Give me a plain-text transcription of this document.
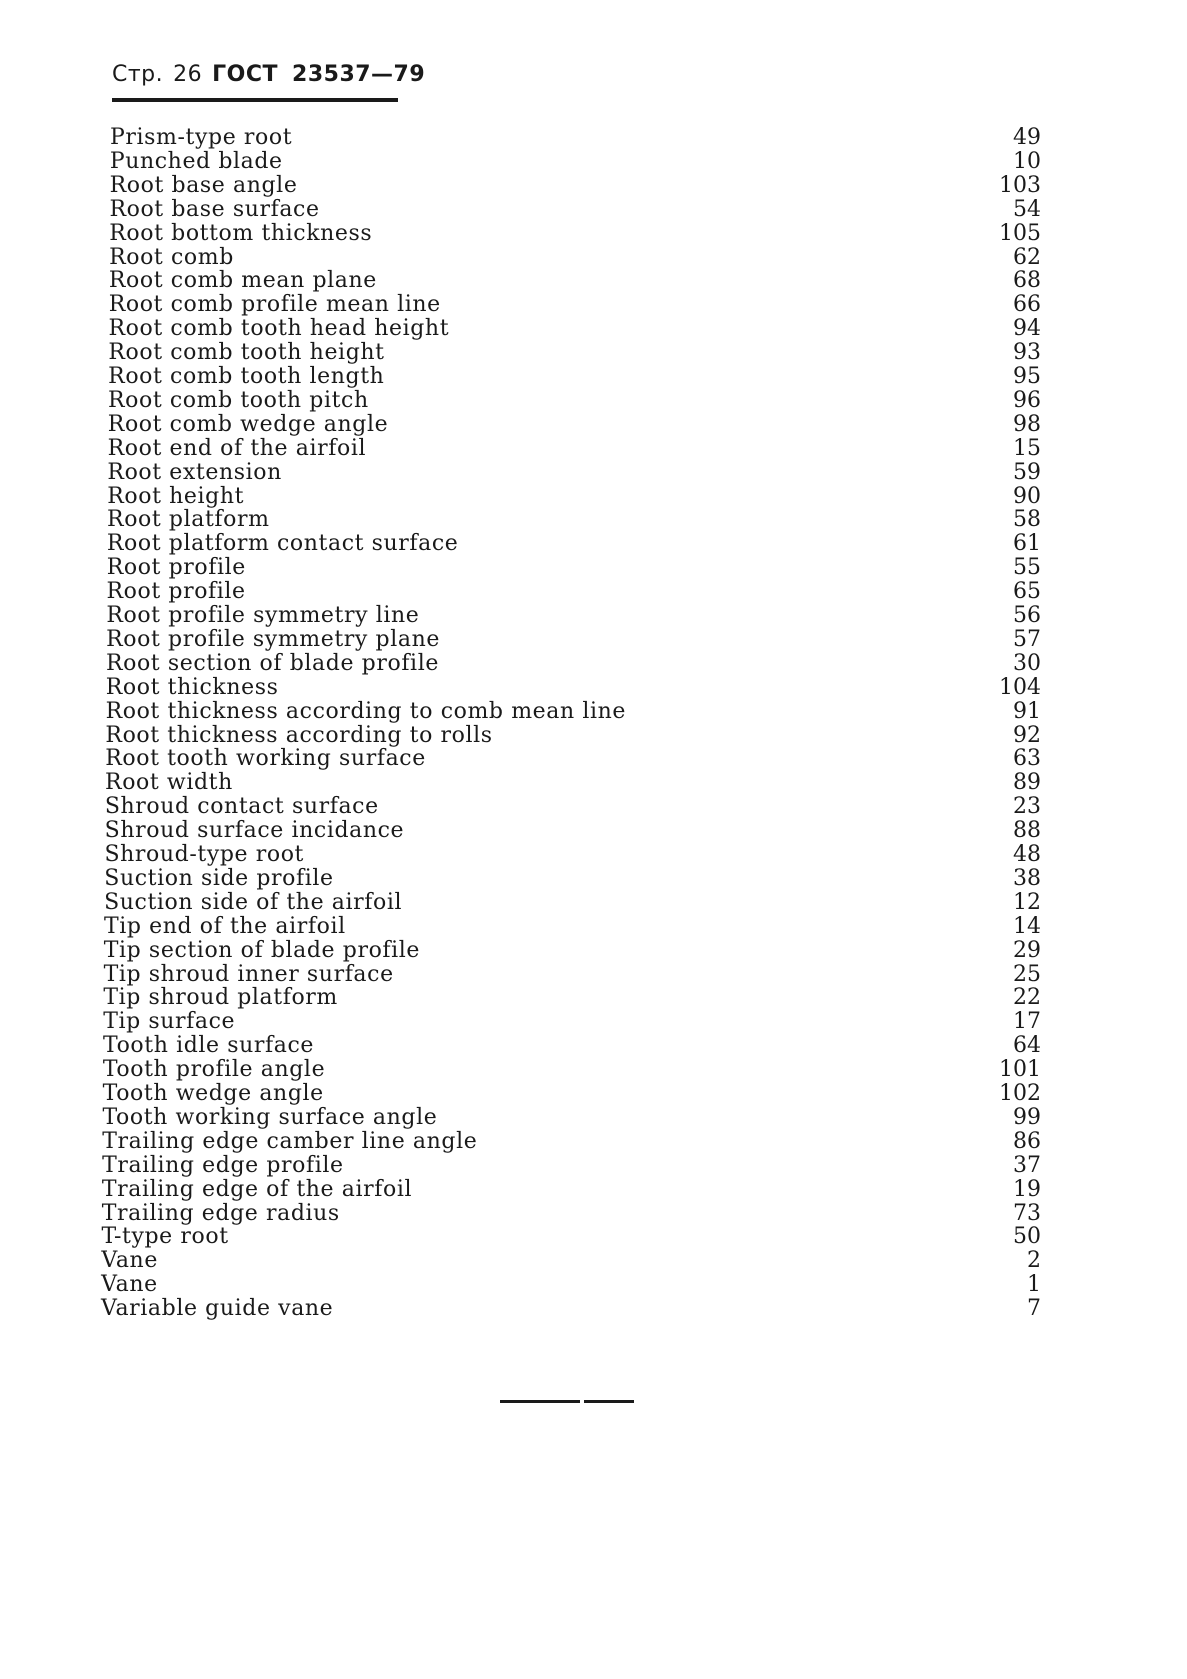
Стр. 26 ГОСТ 23537—79
Prism-type root	49
Punched blade	10
Root base angle	103
Root base surface	54
Root bottom thickness	105
Root comb	62
Root comb mean plane	68
Root comb profile mean line	66
Root comb tooth head height	94
Root comb tooth height	93
Root comb tooth length	95
Root comb tooth pitch	96
Root comb wedge angle	98
Root end of the airfoil	15
Root extension	59
Root height	90
Root platform	58
Root platform contact surface	61
Root profile	55
Root profile	65
Root profile symmetry line	56
Root profile symmetry plane	57
Root section of blade profile	30
Root thickness	104
Root thickness according to comb mean line	91
Root thickness according to rolls	92
Root tooth working surface	63
Root width	89
Shroud contact surface	23
Shroud surface incidance	88
Shroud-type root	48
Suction side profile	38
Suction side of the airfoil	12
Tip end of the airfoil	14
Tip section of blade profile	29
Tip shroud inner surface	25
Tip shroud platform	22
Tip surface	17
Tooth idle surface	64
Tooth profile angle	101
Tooth wedge angle	102
Tooth working surface angle	99
Trailing edge camber line angle	86
Trailing edge profile	37
Trailing edge of the airfoil	19
Trailing edge radius	73
T-type root	50
Vane	2
Vane	1
Variable guide vane	7
